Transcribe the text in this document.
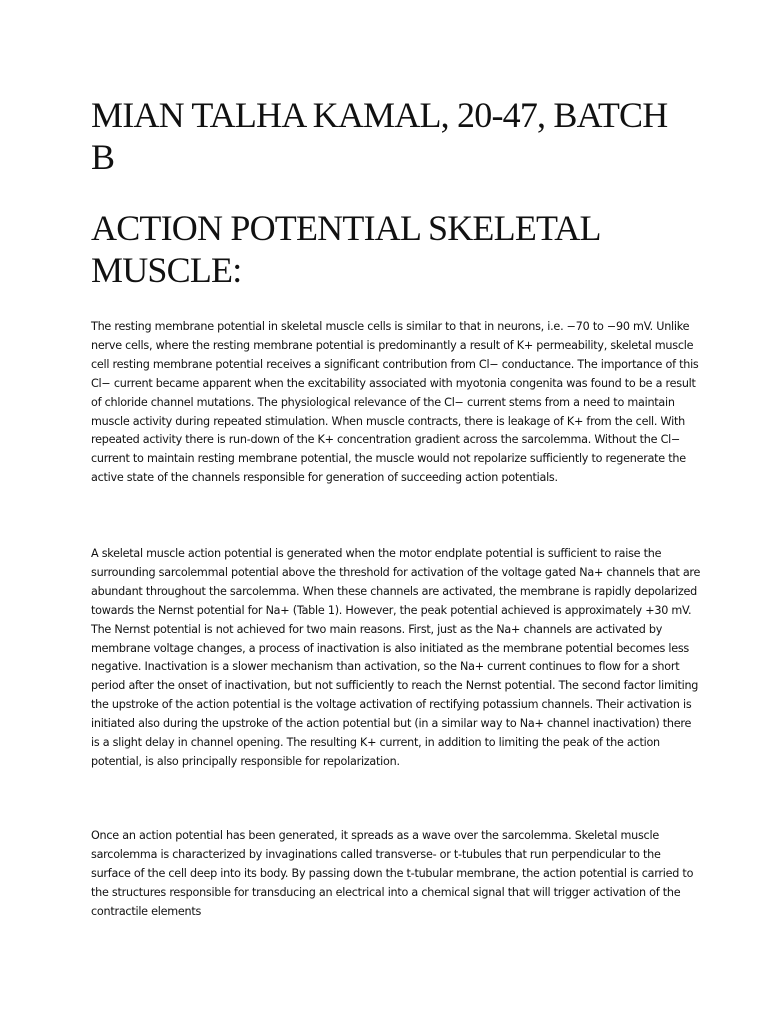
MIAN TALHA KAMAL, 20-47, BATCH B
ACTION POTENTIAL SKELETAL MUSCLE:

The resting membrane potential in skeletal muscle cells is similar to that in neurons, i.e. −70 to −90 mV. Unlike nerve cells, where the resting membrane potential is predominantly a result of K+ permeability, skeletal muscle cell resting membrane potential receives a significant contribution from Cl− conductance. The importance of this Cl− current became apparent when the excitability associated with myotonia congenita was found to be a result of chloride channel mutations. The physiological relevance of the Cl− current stems from a need to maintain muscle activity during repeated stimulation. When muscle contracts, there is leakage of K+ from the cell. With repeated activity there is run-down of the K+ concentration gradient across the sarcolemma. Without the Cl− current to maintain resting membrane potential, the muscle would not repolarize sufficiently to regenerate the active state of the channels responsible for generation of succeeding action potentials.

A skeletal muscle action potential is generated when the motor endplate potential is sufficient to raise the surrounding sarcolemmal potential above the threshold for activation of the voltage gated Na+ channels that are abundant throughout the sarcolemma. When these channels are activated, the membrane is rapidly depolarized towards the Nernst potential for Na+ (Table 1). However, the peak potential achieved is approximately +30 mV. The Nernst potential is not achieved for two main reasons. First, just as the Na+ channels are activated by membrane voltage changes, a process of inactivation is also initiated as the membrane potential becomes less negative. Inactivation is a slower mechanism than activation, so the Na+ current continues to flow for a short period after the onset of inactivation, but not sufficiently to reach the Nernst potential. The second factor limiting the upstroke of the action potential is the voltage activation of rectifying potassium channels. Their activation is initiated also during the upstroke of the action potential but (in a similar way to Na+ channel inactivation) there is a slight delay in channel opening. The resulting K+ current, in addition to limiting the peak of the action potential, is also principally responsible for repolarization.

Once an action potential has been generated, it spreads as a wave over the sarcolemma. Skeletal muscle sarcolemma is characterized by invaginations called transverse- or t-tubules that run perpendicular to the surface of the cell deep into its body. By passing down the t-tubular membrane, the action potential is carried to the structures responsible for transducing an electrical into a chemical signal that will trigger activation of the contractile elements
